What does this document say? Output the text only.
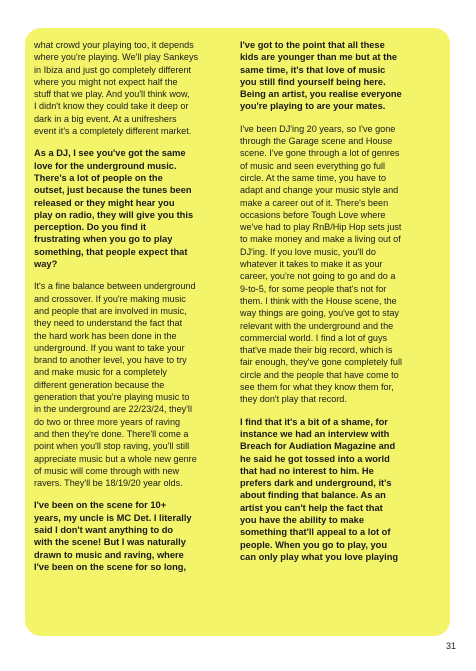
what crowd your playing too, it depends
where you're playing. We'll play Sankeys
in Ibiza and just go completely different
where you might not expect half the
stuff that we play. And you'll think wow,
I didn't know they could take it deep or
dark in a big event. At a unifreshers
event it's a completely different market.

As a DJ, I see you've got the same
love for the underground music.
There's a lot of people on the
outset, just because the tunes been
released or they might hear you
play on radio, they will give you this
perception. Do you find it
frustrating when you go to play
something, that people expect that
way?

It's a fine balance between underground
and crossover. If you're making music
and people that are involved in music,
they need to understand the fact that
the hard work has been done in the
underground. If you want to take your
brand to another level, you have to try
and make music for a completely
different generation because the
generation that you're playing music to
in the underground are 22/23/24, they'll
do two or three more years of raving
and then they're done. There'll come a
point when you'll stop raving, you'll still
appreciate music but a whole new genre
of music will come through with new
ravers. They'll be 18/19/20 year olds.

I've been on the scene for 10+
years, my uncle is MC Det. I literally
said I don't want anything to do
with the scene! But I was naturally
drawn to music and raving, where
I've been on the scene for so long,

I've got to the point that all these
kids are younger than me but at the
same time, it's that love of music
you still find yourself being here.
Being an artist, you realise everyone
you're playing to are your mates.

I've been DJ'ing 20 years, so I've gone
through the Garage scene and House
scene. I've gone through a lot of genres
of music and seen everything go full
circle. At the same time, you have to
adapt and change your music style and
make a career out of it. There's been
occasions before Tough Love where
we've had to play RnB/Hip Hop sets just
to make money and make a living out of
DJ'ing. If you love music, you'll do
whatever it takes to make it as your
career, you're not going to go and do a
9-to-5, for some people that's not for
them. I think with the House scene, the
way things are going, you've got to stay
relevant with the underground and the
commercial world. I find a lot of guys
that've made their big record, which is
fair enough, they've gone completely full
circle and the people that have come to
see them for what they know them for,
they don't play that record.

I find that it's a bit of a shame, for
instance we had an interview with
Breach for Audiation Magazine and
he said he got tossed into a world
that had no interest to him. He
prefers dark and underground, it's
about finding that balance. As an
artist you can't help the fact that
you have the ability to make
something that'll appeal to a lot of
people. When you go to play, you
can only play what you love playing

31
